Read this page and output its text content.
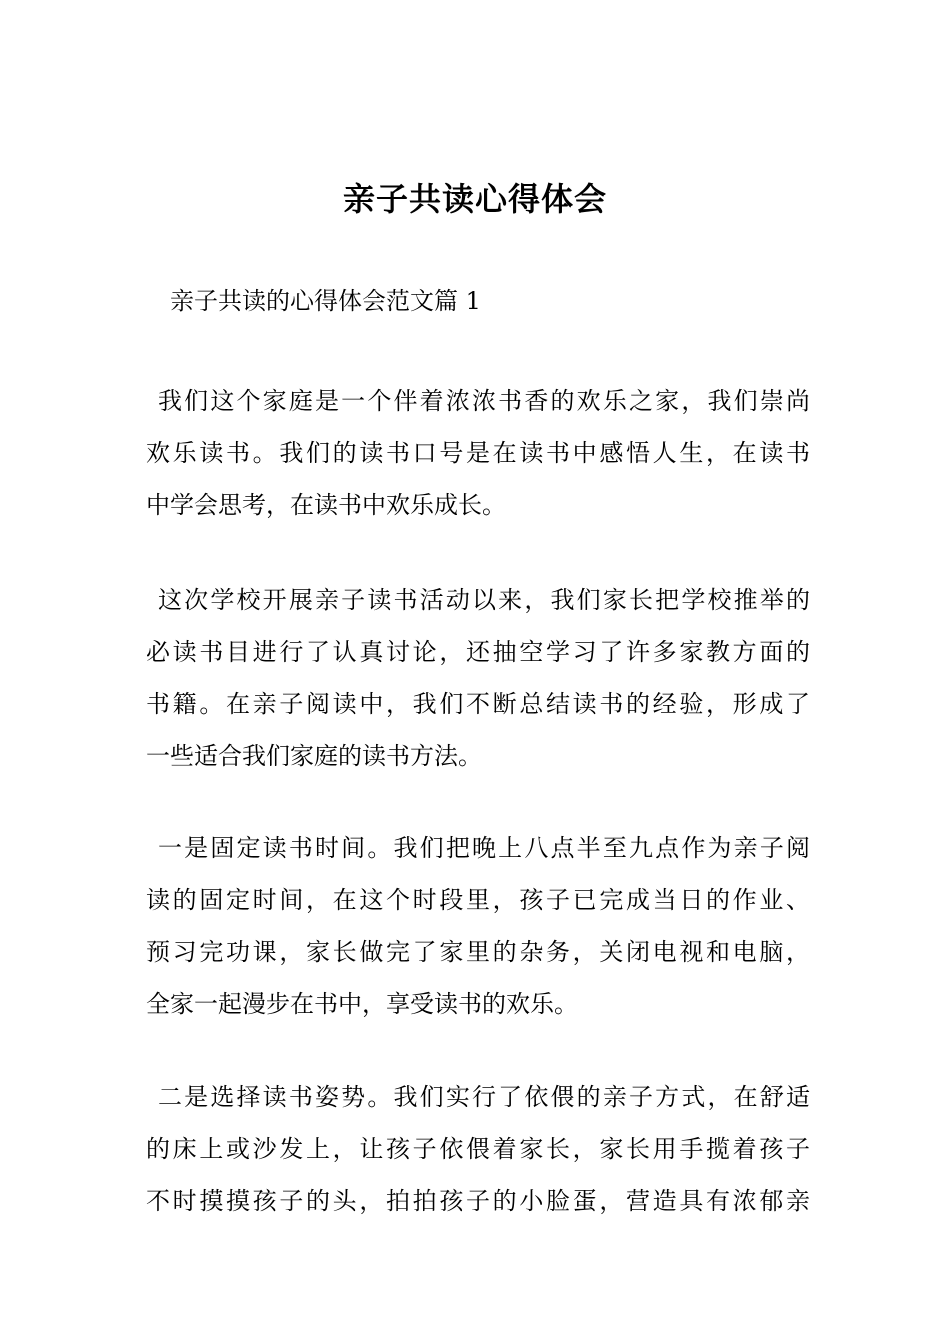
亲子共读心得体会
亲子共读的心得体会范文篇 1
我们这个家庭是一个伴着浓浓书香的欢乐之家，我们崇尚
欢乐读书。我们的读书口号是在读书中感悟人生，在读书
中学会思考，在读书中欢乐成长。
这次学校开展亲子读书活动以来，我们家长把学校推举的
必读书目进行了认真讨论，还抽空学习了许多家教方面的
书籍。在亲子阅读中，我们不断总结读书的经验，形成了
一些适合我们家庭的读书方法。
一是固定读书时间。我们把晚上八点半至九点作为亲子阅
读的固定时间，在这个时段里，孩子已完成当日的作业、
预习完功课，家长做完了家里的杂务，关闭电视和电脑，
全家一起漫步在书中，享受读书的欢乐。
二是选择读书姿势。我们实行了依偎的亲子方式，在舒适
的床上或沙发上，让孩子依偎着家长，家长用手揽着孩子
不时摸摸孩子的头，拍拍孩子的小脸蛋，营造具有浓郁亲
